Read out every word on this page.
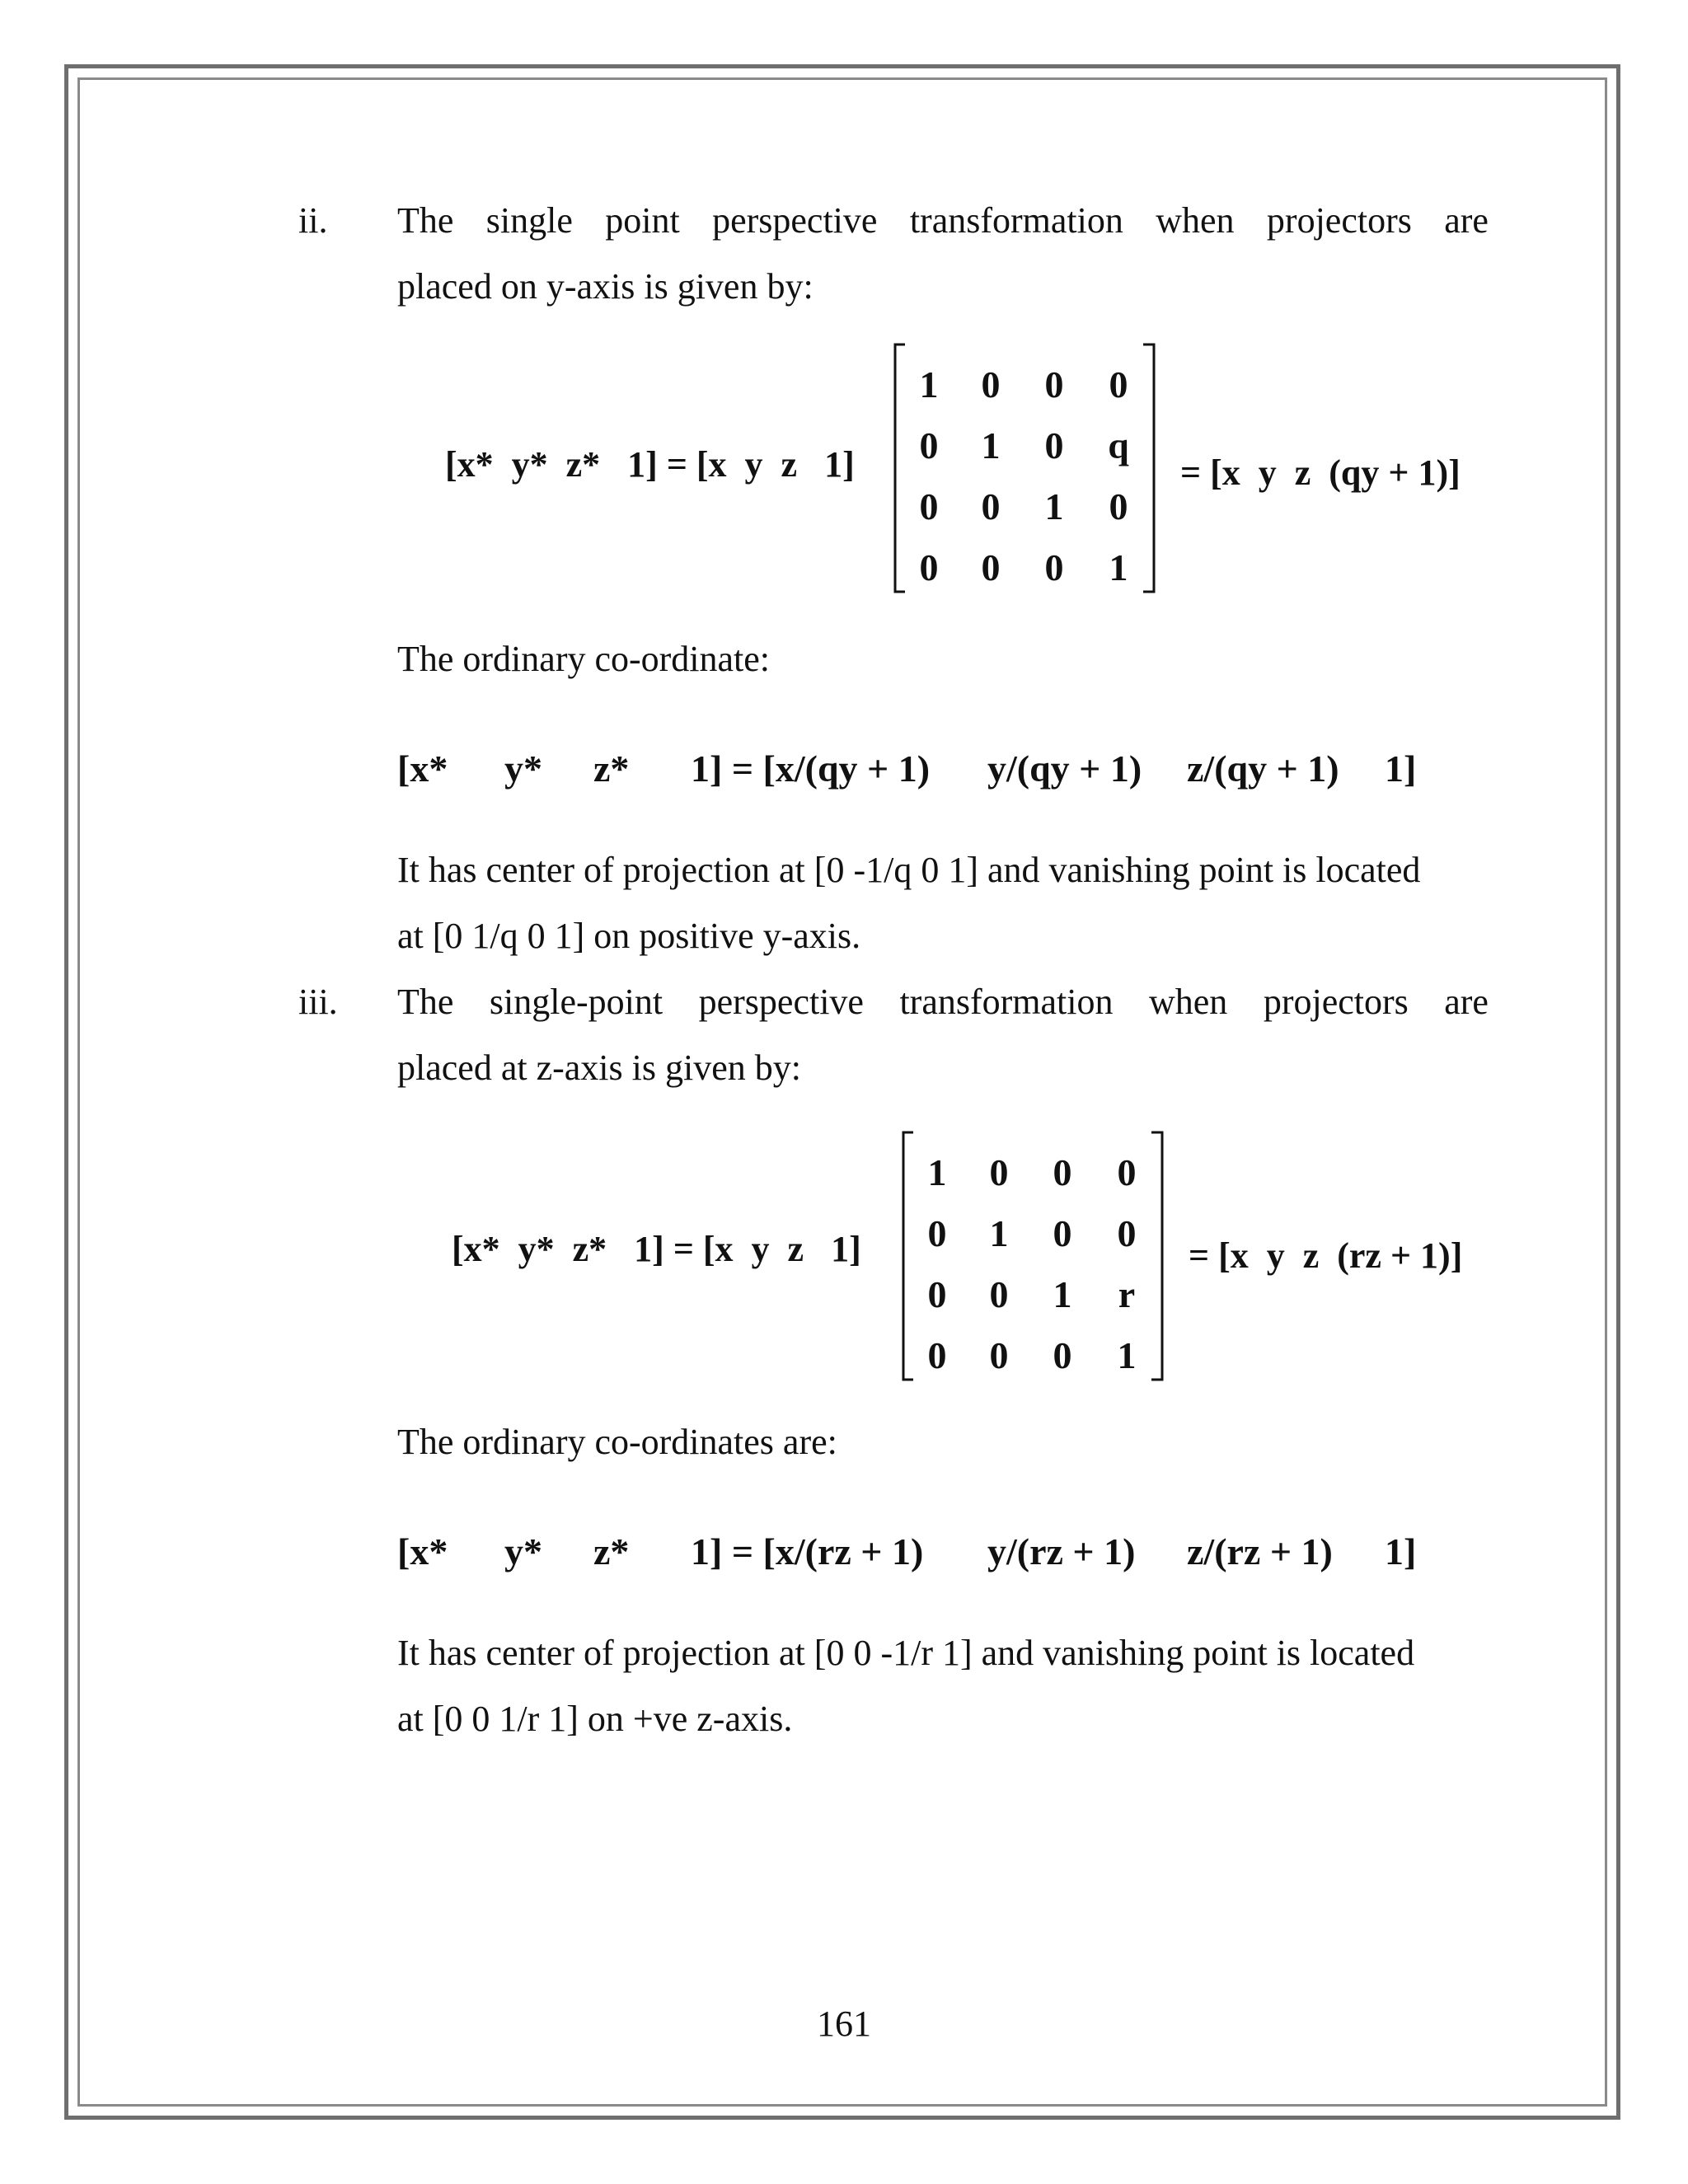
ii. The single point perspective transformation when projectors are
placed on y-axis is given by:
[x*  y*  z*   1] = [x  y  z   1]
1 0 0 0
0 1 0 q
0 0 1 0
0 0 0 1
= [x  y  z  (qy + 1)]
The ordinary co-ordinate:
[x* y* z* 1] = [x/(qy + 1) y/(qy + 1) z/(qy + 1) 1]
It has center of projection at [0 -1/q 0 1] and vanishing point is located
at [0 1/q 0 1] on positive y-axis.
iii. The single-point perspective transformation when projectors are
placed at z-axis is given by:
[x*  y*  z*   1] = [x  y  z   1]
1 0 0 0
0 1 0 0
0 0 1	r
0 0 0 1
= [x  y  z  (rz + 1)]
The ordinary co-ordinates are:
[x* y* z* 1] = [x/(rz + 1) y/(rz + 1) z/(rz + 1) 1]
It has center of projection at [0 0 -1/r 1] and vanishing point is located
at [0 0 1/r 1] on +ve z-axis.
161
